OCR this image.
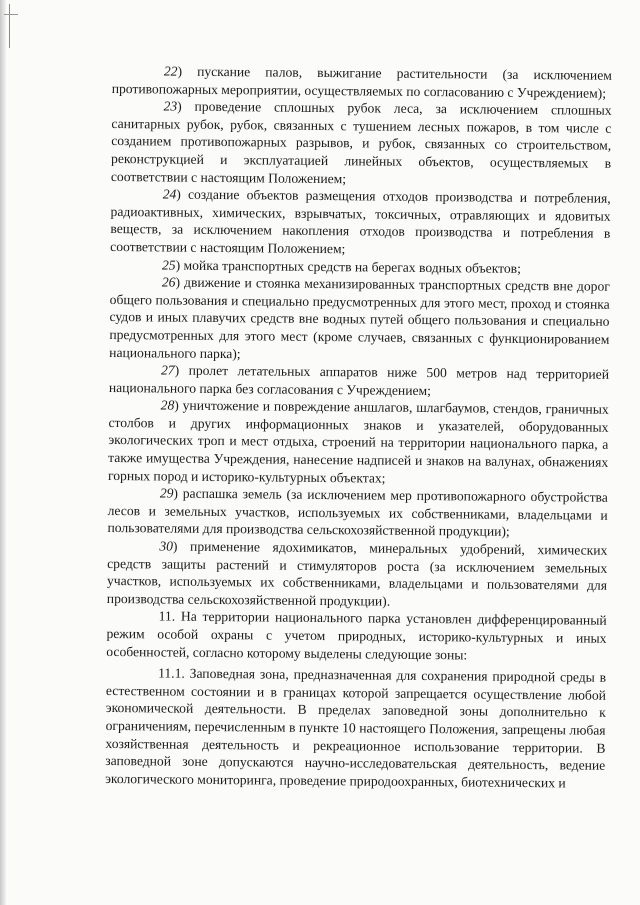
22) пускание палов, выжигание растительности (за исключением противопожарных мероприятии, осуществляемых по согласованию с Учреждением);

23) проведение сплошных рубок леса, за исключением сплошных санитарных рубок, рубок, связанных с тушением лесных пожаров, в том числе с созданием противопожарных разрывов, и рубок, связанных со строительством, реконструкцией и эксплуатацией линейных объектов, осуществляемых в соответствии с настоящим Положением;

24) создание объектов размещения отходов производства и потребления, радиоактивных, химических, взрывчатых, токсичных, отравляющих и ядовитых веществ, за исключением накопления отходов производства и потребления в соответствии с настоящим Положением;

25) мойка транспортных средств на берегах водных объектов;

26) движение и стоянка механизированных транспортных средств вне дорог общего пользования и специально предусмотренных для этого мест, проход и стоянка судов и иных плавучих средств вне водных путей общего пользования и специально предусмотренных для этого мест (кроме случаев, связанных с функционированием национального парка);

27) пролет летательных аппаратов ниже 500 метров над территорией национального парка без согласования с Учреждением;

28) уничтожение и повреждение аншлагов, шлагбаумов, стендов, граничных столбов и других информационных знаков и указателей, оборудованных экологических троп и мест отдыха, строений на территории национального парка, а также имущества Учреждения, нанесение надписей и знаков на валунах, обнажениях горных пород и историко-культурных объектах;

29) распашка земель (за исключением мер противопожарного обустройства лесов и земельных участков, используемых их собственниками, владельцами и пользователями для производства сельскохозяйственной продукции);

30) применение ядохимикатов, минеральных удобрений, химических средств защиты растений и стимуляторов роста (за исключением земельных участков, используемых их собственниками, владельцами и пользователями для производства сельскохозяйственной продукции).

11. На территории национального парка установлен дифференцированный режим особой охраны с учетом природных, историко-культурных и иных особенностей, согласно которому выделены следующие зоны:

11.1. Заповедная зона, предназначенная для сохранения природной среды в естественном состоянии и в границах которой запрещается осуществление любой экономической деятельности. В пределах заповедной зоны дополнительно к ограничениям, перечисленным в пункте 10 настоящего Положения, запрещены любая хозяйственная деятельность и рекреационное использование территории. В заповедной зоне допускаются научно-исследовательская деятельность, ведение экологического мониторинга, проведение природоохранных, биотехнических и
